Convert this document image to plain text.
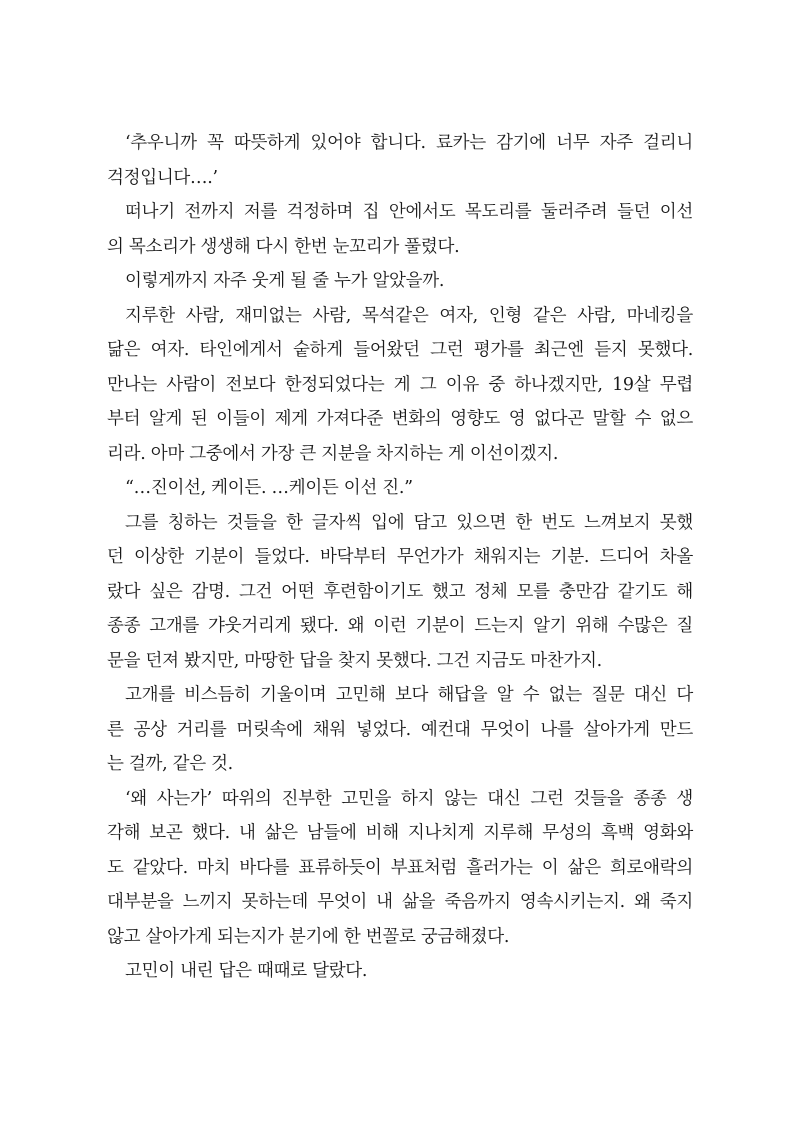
‘추우니까 꼭 따뜻하게 있어야 합니다. 료카는 감기에 너무 자주 걸리니
걱정입니다….’
떠나기 전까지 저를 걱정하며 집 안에서도 목도리를 둘러주려 들던 이선
의 목소리가 생생해 다시 한번 눈꼬리가 풀렸다.
이렇게까지 자주 웃게 될 줄 누가 알았을까.
지루한 사람, 재미없는 사람, 목석같은 여자, 인형 같은 사람, 마네킹을
닮은 여자. 타인에게서 숱하게 들어왔던 그런 평가를 최근엔 듣지 못했다.
만나는 사람이 전보다 한정되었다는 게 그 이유 중 하나겠지만, 19살 무렵
부터 알게 된 이들이 제게 가져다준 변화의 영향도 영 없다곤 말할 수 없으
리라. 아마 그중에서 가장 큰 지분을 차지하는 게 이선이겠지.
“…진이선, 케이든. …케이든 이선 진.”
그를 칭하는 것들을 한 글자씩 입에 담고 있으면 한 번도 느껴보지 못했
던 이상한 기분이 들었다. 바닥부터 무언가가 채워지는 기분. 드디어 차올
랐다 싶은 감명. 그건 어떤 후련함이기도 했고 정체 모를 충만감 같기도 해
종종 고개를 갸웃거리게 됐다. 왜 이런 기분이 드는지 알기 위해 수많은 질
문을 던져 봤지만, 마땅한 답을 찾지 못했다. 그건 지금도 마찬가지.
고개를 비스듬히 기울이며 고민해 보다 해답을 알 수 없는 질문 대신 다
른 공상 거리를 머릿속에 채워 넣었다. 예컨대 무엇이 나를 살아가게 만드
는 걸까, 같은 것.
‘왜 사는가’ 따위의 진부한 고민을 하지 않는 대신 그런 것들을 종종 생
각해 보곤 했다. 내 삶은 남들에 비해 지나치게 지루해 무성의 흑백 영화와
도 같았다. 마치 바다를 표류하듯이 부표처럼 흘러가는 이 삶은 희로애락의
대부분을 느끼지 못하는데 무엇이 내 삶을 죽음까지 영속시키는지. 왜 죽지
않고 살아가게 되는지가 분기에 한 번꼴로 궁금해졌다.
고민이 내린 답은 때때로 달랐다.
